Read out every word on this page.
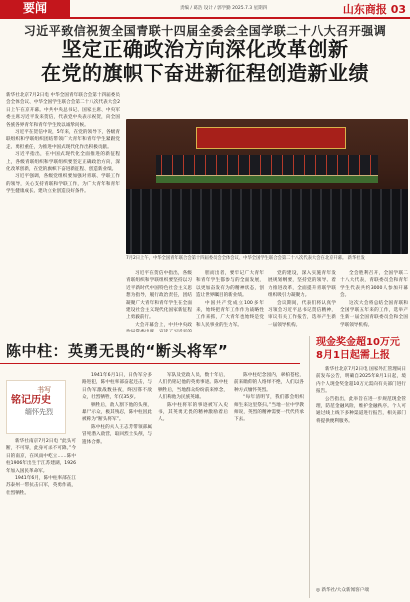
要闻	责编 / 葛浩 设计 / 郭学勤 2025.7.3 星期四	山东商报 03
习近平致信祝贺全国青联十四届全委会全国学联二十八大召开强调
坚定正确政治方向深化改革创新
在党的旗帜下奋进新征程创造新业绩

新华社北京7月2日电 中华全国青年联合会第十四届委员会全体会议、中华全国学生联合会第二十八次代表大会2日上午在京开幕。中共中央总书记、国家主席、中央军委主席习近平发来贺信，代表党中央表示祝贺，向全国各族各界青年和青年学生致以诚挚问候。

习近平在贺信中说，5年来，在党的领导下，各级青联组织和学联组织团结带领广大青年和青年学生紧跟党走、勇担重任，为推进中国式现代化作出积极贡献。

习近平指出，在中国式现代化全面推进的新征程上，各级青联组织和学联组织要坚定正确政治方向，深化改革创新，在党的旗帜下奋进新征程、创造新业绩。

习近平强调，各级党组织要加强对青联、学联工作的领导，关心支持青联和学联工作，为广大青年和青年学生健康成长、建功立业创造良好条件。

7月2日上午，中华全国青年联合会第十四届委员会全体会议、中华全国学生联合会第二十八次代表大会在北京开幕。 新华社发

习近平在贺信中指出，各级青联组织和学联组织要坚持以习近平新时代中国特色社会主义思想为指导，履行政治责任，团结凝聚广大青年和青年学生在全面建设社会主义现代化国家新征程上勇毅前行。

大会开幕会上，中共中央政

胆而出者，要牢记广大青年和青年学生都参与的全面发展，以更加奋发有为的精神状态，创造让世界瞩目的新业绩。

中国共产党成立100多年来，始终把青年工作作为战略性工作来抓，广大青年也始终是党和人民事业的生力军。

党的建设，深入实施青年发展规划纲要，坚持党的领导、着力推进改革，全面提升青联学联组织吸引力凝聚力。

会议期间，代表们将认真学习领会习近平总书记贺信精神，审议有关工作报告，选举产生新一届领导机构。

全会胜利召开，全国学联二十八大代表，青联委员会和青年学生代表共约3000人参加开幕会。

这次大会将总结全国青联和全国学联五年来的工作，选举产生新一届全国青联委员会和全国学联领导机构。

陈中柱：英勇无畏的“断头将军”
铭记历史
缅怀先烈
书写

新华社南京7月2日电 “此头可断，不可辱，此身可杀不可降。”今日的南京，在风雨中屹立……陈中柱1906年出生于江苏建湖，1926年加入国民革命军。

1941年6月，陈中柱率部在江苏泰州一带抗击日军，英勇作战，壮烈牺牲。

1941年6月1日，日伪军分多路进犯，陈中柱率部奋起还击，与日伪军激战数昼夜，终因寡不敌众，壮烈牺牲，年仅35岁。

牺牲后，敌人割下他的头颅，暴尸示众，极其残忍，陈中柱因此被称为“断头将军”。

陈中柱的夫人王志芳带领部属冒死潜入敌营，取回烈士头颅，与遗体合葬。

军队及党政人员，数十年后，人们仍铭记他的英勇事迹。陈中柱牺牲后，当地群众纷纷前来悼念，人们称他为民族英雄。

陈中柱将军的事迹被写入史书，其英勇无畏的精神激励着后人。

陈中柱纪念园内，翠柏苍松，前来瞻仰的人络绎不绝，人们以各种方式缅怀英烈。

“每年清明节，我们都会组织师生来这里祭扫。”当地一位中学教师说，英烈的精神需要一代代传承下去。

现金奖金超10万元 8月1日起需上报

新华社北京7月2日电 国家外汇管理局日前发布公告，明确自2025年8月1日起，境内个人现金奖金超10万元需向有关部门进行报告。

公告指出，此举旨在进一步规范现金管理，防范金融风险，维护金融秩序。个人可通过线上线下多种渠道进行报告，相关部门将提供便利服务。

◎ 新华社/大众新闻客户端
